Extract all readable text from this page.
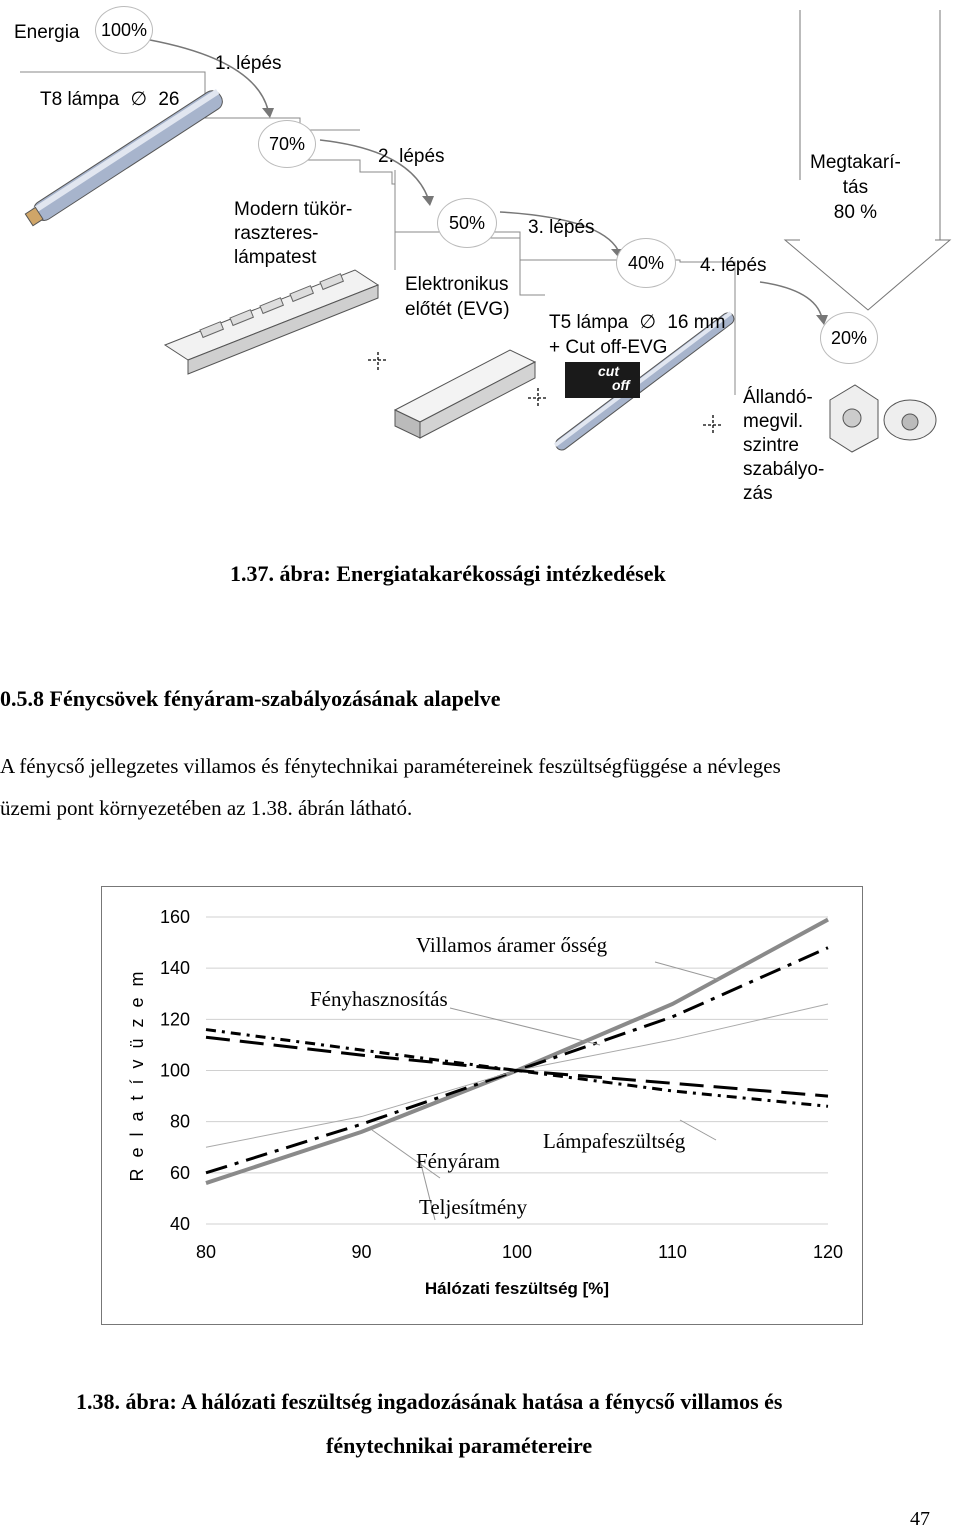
Energia	100%
1. lépés
T8 lámpa ∅ 26
70%
2. lépés
Modern tükör-
raszteres-
lámpatest
50%	3. lépés
Elektronikus
előtét (EVG)
40%	4. lépés
T5 lámpa ∅ 16 mm
+ Cut off-EVG
cut
off
Megtakarí-
tás
80 %
20%
Állandó-
megvil.
szintre
szabályo-
zás
1.37. ábra: Energiatakarékossági intézkedések
0.5.8 Fénycsövek fényáram-szabályozásának alapelve
A fénycső jellegzetes villamos és fénytechnikai paramétereinek feszültségfüggése a névleges
üzemi pont környezetében az 1.38. ábrán látható.
160
140
120
100
80
60
40
80	90	100	110	120
Hálózati feszültség [%]
R e l a t í v ü z e m
Villamos áramer ősség
Fényhasznosítás
Fényáram
Lámpafeszültség
Teljesítmény
1.38. ábra: A hálózati feszültség ingadozásának hatása a fénycső villamos és
fénytechnikai paramétereire
47
